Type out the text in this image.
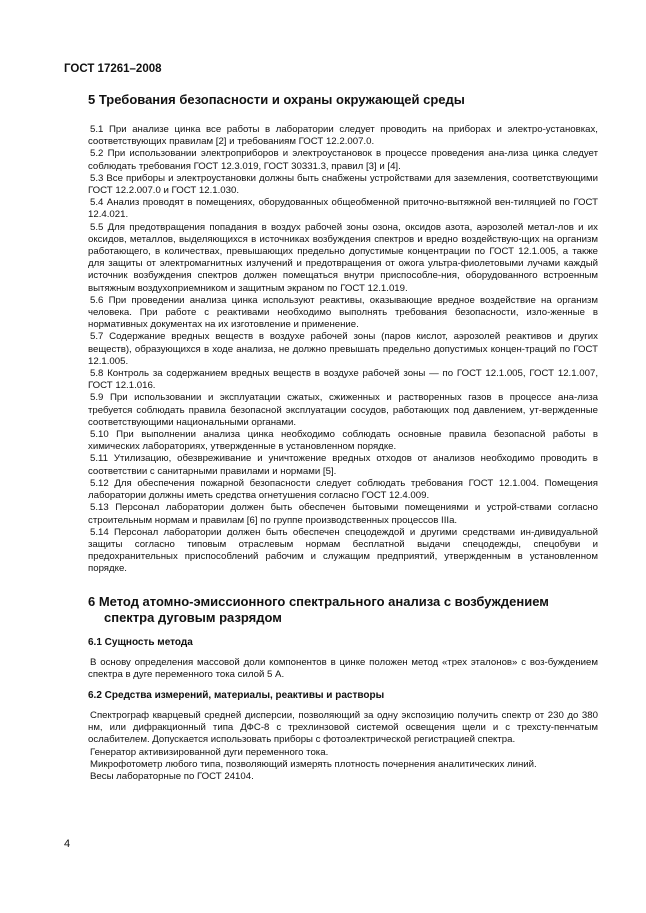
ГОСТ 17261–2008
5 Требования безопасности и охраны окружающей среды

5.1 При анализе цинка все работы в лаборатории следует проводить на приборах и электро-установках, соответствующих правилам [2] и требованиям ГОСТ 12.2.007.0.

5.2 При использовании электроприборов и электроустановок в процессе проведения ана-лиза цинка следует соблюдать требования ГОСТ 12.3.019, ГОСТ 30331.3, правил [3] и [4].

5.3 Все приборы и электроустановки должны быть снабжены устройствами для заземления, соответствующими ГОСТ 12.2.007.0 и ГОСТ 12.1.030.

5.4 Анализ проводят в помещениях, оборудованных общеобменной приточно-вытяжной вен-тиляцией по ГОСТ 12.4.021.

5.5 Для предотвращения попадания в воздух рабочей зоны озона, оксидов азота, аэрозолей метал-лов и их оксидов, металлов, выделяющихся в источниках возбуждения спектров и вредно воздействую-щих на организм работающего, в количествах, превышающих предельно допустимые концентрации по ГОСТ 12.1.005, а также для защиты от электромагнитных излучений и предотвращения от ожога ультра-фиолетовыми лучами каждый источник возбуждения спектров должен помещаться внутри приспособле-ния, оборудованного встроенным вытяжным воздухоприемником и защитным экраном по ГОСТ 12.1.019.

5.6 При проведении анализа цинка используют реактивы, оказывающие вредное воздействие на организм человека. При работе с реактивами необходимо выполнять требования безопасности, изло-женные в нормативных документах на их изготовление и применение.

5.7 Содержание вредных веществ в воздухе рабочей зоны (паров кислот, аэрозолей реактивов и других веществ), образующихся в ходе анализа, не должно превышать предельно допустимых концен-траций по ГОСТ 12.1.005.

5.8 Контроль за содержанием вредных веществ в воздухе рабочей зоны — по ГОСТ 12.1.005, ГОСТ 12.1.007, ГОСТ 12.1.016.

5.9 При использовании и эксплуатации сжатых, сжиженных и растворенных газов в процессе ана-лиза требуется соблюдать правила безопасной эксплуатации сосудов, работающих под давлением, ут-вержденные соответствующими национальными органами.

5.10 При выполнении анализа цинка необходимо соблюдать основные правила безопасной работы в химических лабораториях, утвержденные в установленном порядке.

5.11 Утилизацию, обезвреживание и уничтожение вредных отходов от анализов необходимо проводить в соответствии с санитарными правилами и нормами [5].

5.12 Для обеспечения пожарной безопасности следует соблюдать требования ГОСТ 12.1.004. Помещения лаборатории должны иметь средства огнетушения согласно ГОСТ 12.4.009.

5.13 Персонал лаборатории должен быть обеспечен бытовыми помещениями и устрой-ствами согласно строительным нормам и правилам [6] по группе производственных процессов IIIа.

5.14 Персонал лаборатории должен быть обеспечен спецодеждой и другими средствами ин-дивидуальной защиты согласно типовым отраслевым нормам бесплатной выдачи спецодежды, спецобуви и предохранительных приспособлений рабочим и служащим предприятий, утвержденным в установленном порядке.

6 Метод атомно-эмиссионного спектрального анализа с возбуждением
спектра дуговым разрядом
6.1 Сущность метода

В основу определения массовой доли компонентов в цинке положен метод «трех эталонов» с воз-буждением спектра в дуге переменного тока силой 5 А.

6.2 Средства измерений, материалы, реактивы и растворы

Спектрограф кварцевый средней дисперсии, позволяющий за одну экспозицию получить спектр от 230 до 380 нм, или дифракционный типа ДФС-8 с трехлинзовой системой освещения щели и с трехсту-пенчатым ослабителем. Допускается использовать приборы с фотоэлектрической регистрацией спектра.

Генератор активизированной дуги переменного тока.

Микрофотометр любого типа, позволяющий измерять плотность почернения аналитических линий.

Весы лабораторные по ГОСТ 24104.

4
